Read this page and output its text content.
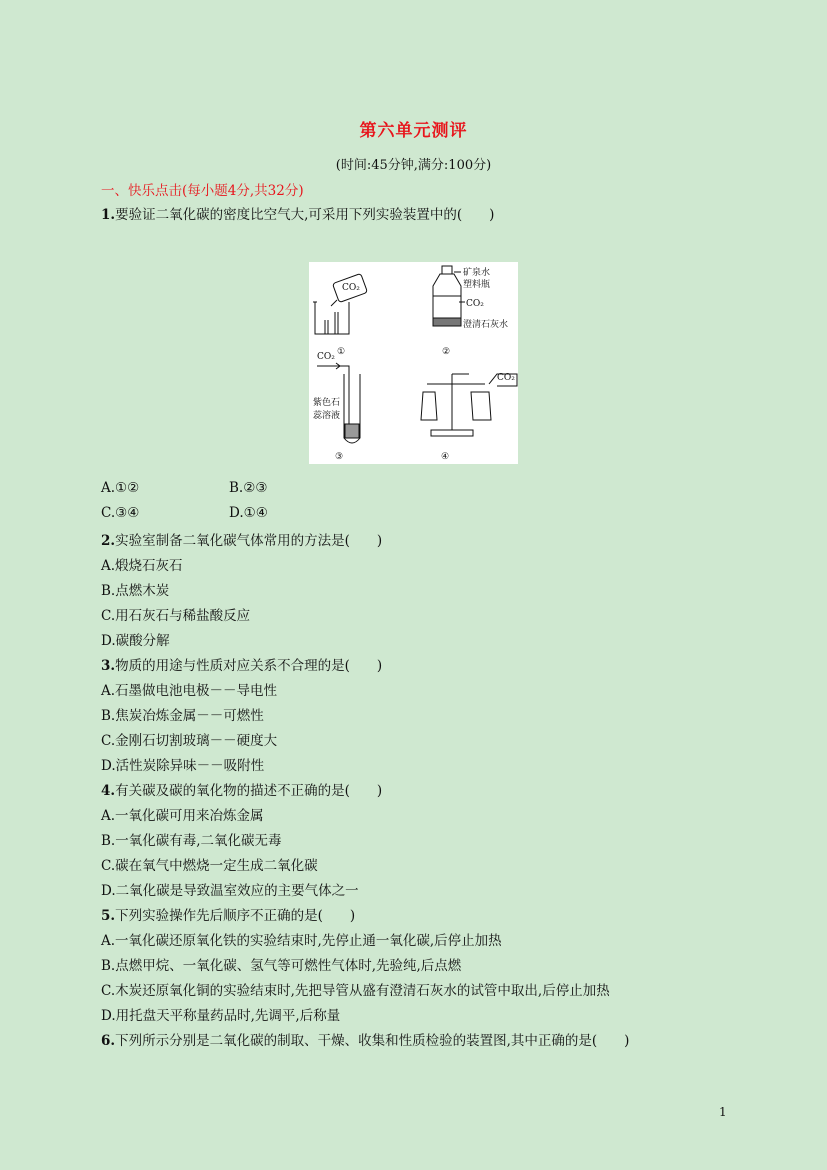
第六单元测评
(时间:45分钟,满分:100分)
一、快乐点击(每小题4分,共32分)
1.要验证二氧化碳的密度比空气大,可采用下列实验装置中的(　　)
CO₂
①
矿泉水
塑料瓶
CO₂
澄清石灰水
②
CO₂
紫色石
蕊溶液
③
CO₂
④
A.①②	B.②③
C.③④	D.①④
2.实验室制备二氧化碳气体常用的方法是(　　)
A.煅烧石灰石
B.点燃木炭
C.用石灰石与稀盐酸反应
D.碳酸分解
3.物质的用途与性质对应关系不合理的是(　　)
A.石墨做电池电极－－导电性
B.焦炭冶炼金属－－可燃性
C.金刚石切割玻璃－－硬度大
D.活性炭除异味－－吸附性
4.有关碳及碳的氧化物的描述不正确的是(　　)
A.一氧化碳可用来冶炼金属
B.一氧化碳有毒,二氧化碳无毒
C.碳在氧气中燃烧一定生成二氧化碳
D.二氧化碳是导致温室效应的主要气体之一
5.下列实验操作先后顺序不正确的是(　　)
A.一氧化碳还原氧化铁的实验结束时,先停止通一氧化碳,后停止加热
B.点燃甲烷、一氧化碳、氢气等可燃性气体时,先验纯,后点燃
C.木炭还原氧化铜的实验结束时,先把导管从盛有澄清石灰水的试管中取出,后停止加热
D.用托盘天平称量药品时,先调平,后称量
6.下列所示分别是二氧化碳的制取、干燥、收集和性质检验的装置图,其中正确的是(　　)
1
